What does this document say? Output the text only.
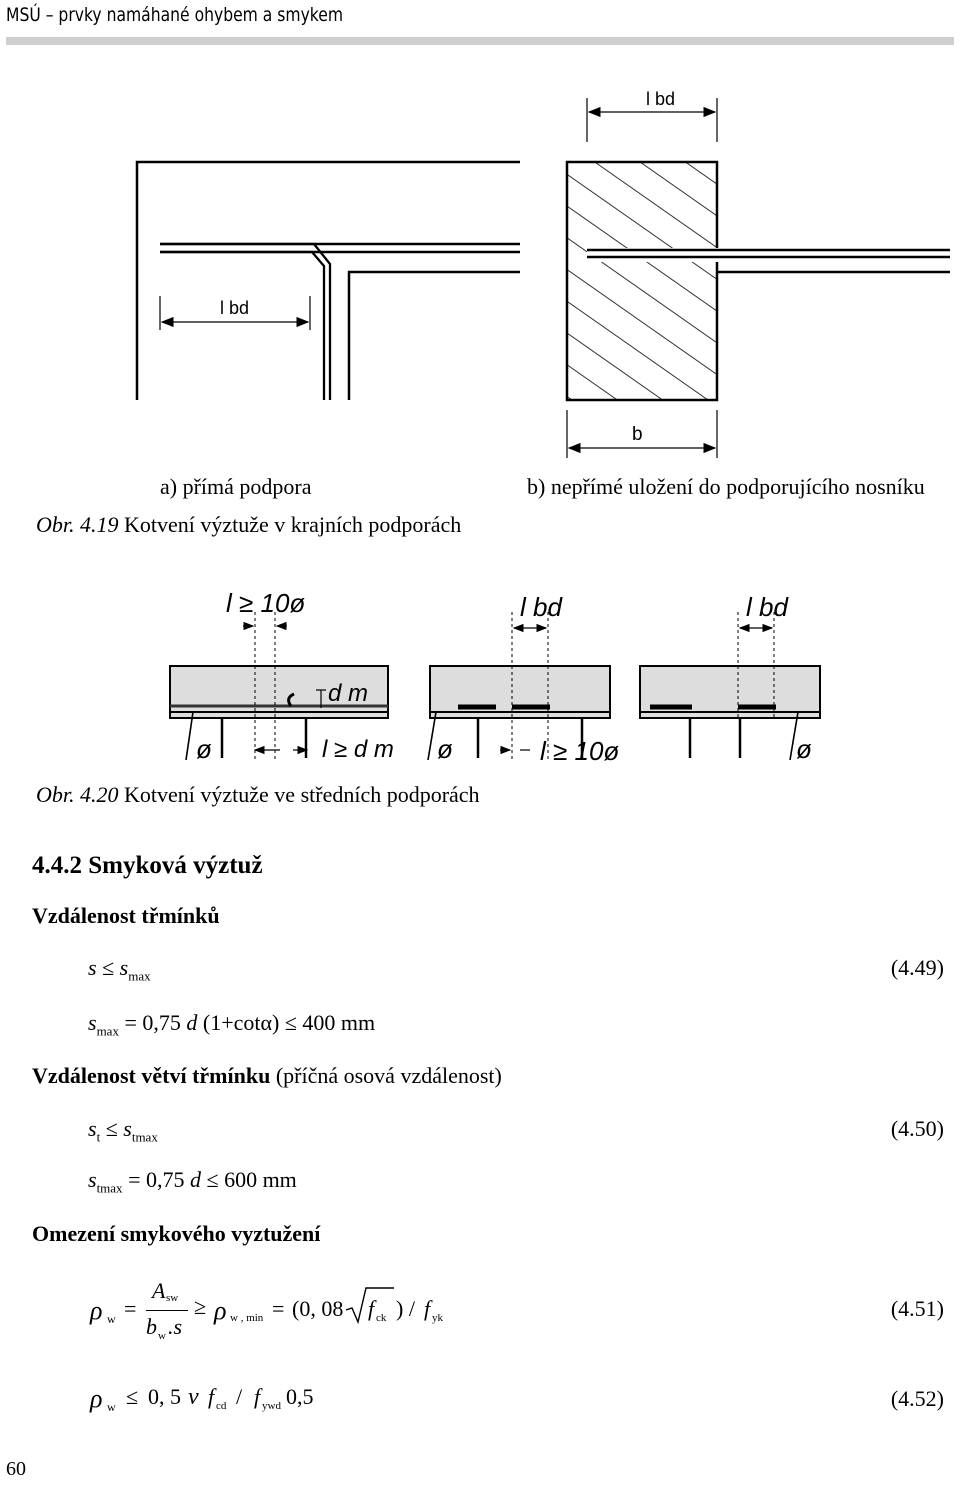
MSÚ – prvky namáhané ohybem a smykem
l bd
l bd
b
a) přímá podpora	b) nepřímé uložení do podporujícího nosníku
Obr. 4.19 Kotvení výztuže v krajních podporách
l ≥ 10ø
d m
l ≥ d m
ø
l bd
ø	l ≥ 10ø
l bd
ø
Obr. 4.20 Kotvení výztuže ve středních podporách
4.4.2 Smyková výztuž
Vzdálenost třmínků
$s \le s_{max}$	(4.49)
$s_{max} = 0,75$ d (1+cotα) ≤ 400 mm
Vzdálenost větví třmínku (příčná osová vzdálenost)
$s_t \le s_{tmax}$	(4.50)
$s_{tmax} = 0,75$ d ≤ 600 mm
Omezení smykového vyztužení
ρ w =
A sw
b w .s
≥ ρ w , min = (0, 08 f ck ) / f yk	(4.51)
ρ w ≤ 0, 5 ν f cd / f ywd 0,5	(4.52)
60
